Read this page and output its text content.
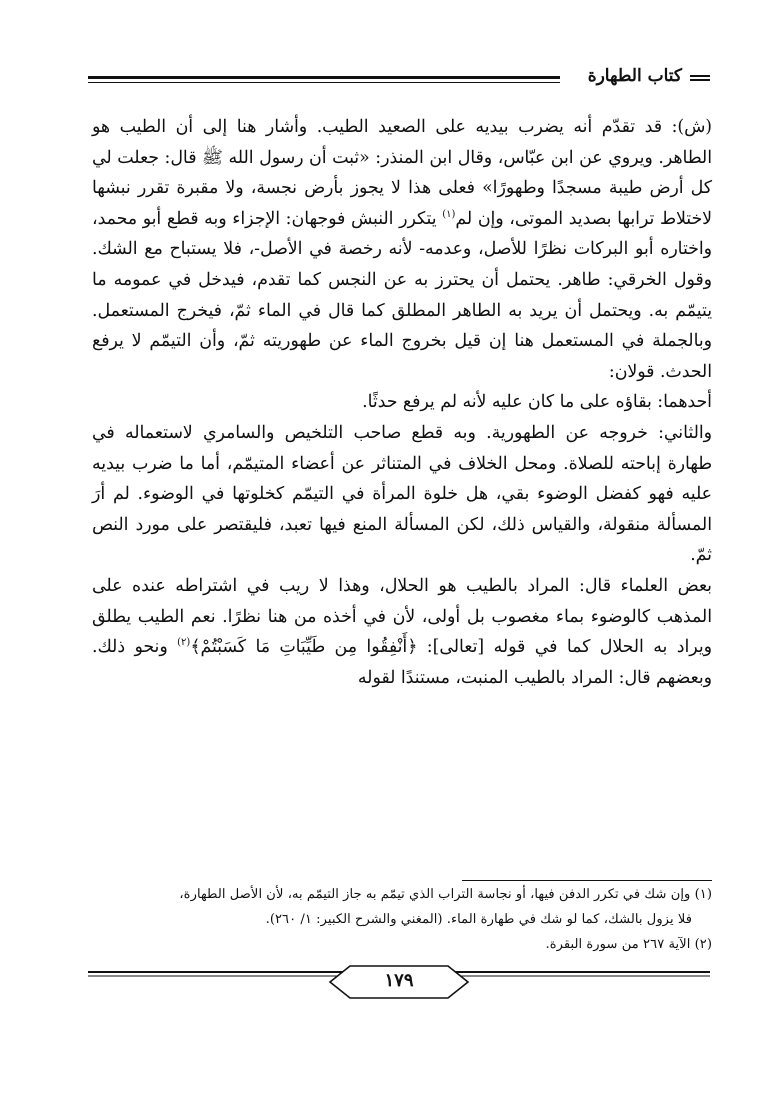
كتاب الطهارة

(ش): قد تقدّم أنه يضرب بيديه على الصعيد الطيب. وأشار هنا إلى أن الطيب هو الطاهر. ويروي عن ابن عبّاس، وقال ابن المنذر: «ثبت أن رسول الله ﷺ قال: جعلت لي كل أرض طيبة مسجدًا وطهورًا» فعلى هذا لا يجوز بأرض نجسة، ولا مقبرة تقرر نبشها لاختلاط ترابها بصديد الموتى، وإن لم$^{(١)}$ يتكرر النبش فوجهان: الإجزاء وبه قطع أبو محمد، واختاره أبو البركات نظرًا للأصل، وعدمه- لأنه رخصة في الأصل-، فلا يستباح مع الشك. وقول الخرقي: طاهر. يحتمل أن يحترز به عن النجس كما تقدم، فيدخل في عمومه ما يتيمّم به. ويحتمل أن يريد به الطاهر المطلق كما قال في الماء ثمّ، فيخرج المستعمل. وبالجملة في المستعمل هنا إن قيل بخروج الماء عن طهوريته ثمّ، وأن التيمّم لا يرفع الحدث. قولان:

أحدهما: بقاؤه على ما كان عليه لأنه لم يرفع حدثًا.

والثاني: خروجه عن الطهورية. وبه قطع صاحب التلخيص والسامري لاستعماله في طهارة إباحته للصلاة. ومحل الخلاف في المتناثر عن أعضاء المتيمّم، أما ما ضرب بيديه عليه فهو كفضل الوضوء بقي، هل خلوة المرأة في التيمّم كخلوتها في الوضوء. لم أرَ المسألة منقولة، والقياس ذلك، لكن المسألة المنع فيها تعبد، فليقتصر على مورد النص ثمّ.

بعض العلماء قال: المراد بالطيب هو الحلال، وهذا لا ريب في اشتراطه عنده على المذهب كالوضوء بماء مغصوب بل أولى، لأن في أخذه من هنا نظرًا. نعم الطيب يطلق ويراد به الحلال كما في قوله [تعالى]: ﴿أَنْفِقُوا مِن طَيِّبَاتِ مَا كَسَبْتُمْ﴾$^{(٢)}$ ونحو ذلك. وبعضهم قال: المراد بالطيب المنبت، مستندًا لقوله

(١) وإن شك في تكرر الدفن فيها، أو نجاسة التراب الذي تيمّم به جاز التيمّم به، لأن الأصل الطهارة،

فلا يزول بالشك، كما لو شك في طهارة الماء. (المغني والشرح الكبير: ١/ ٢٦٠).

(٢) الآية ٢٦٧ من سورة البقرة.

١٧٩
